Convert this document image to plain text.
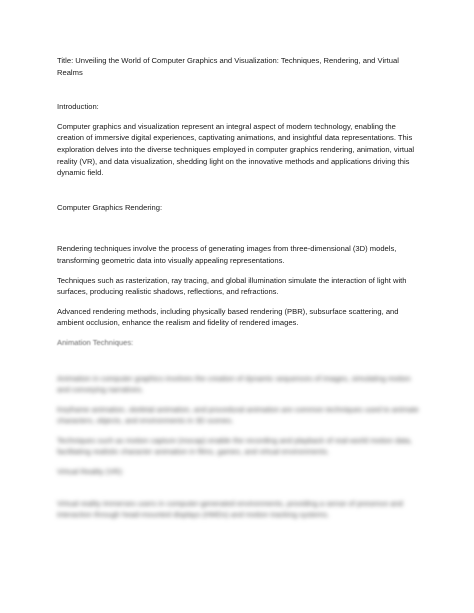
Title: Unveiling the World of Computer Graphics and Visualization: Techniques, Rendering, and Virtual Realms
Introduction:

Computer graphics and visualization represent an integral aspect of modern technology, enabling the creation of immersive digital experiences, captivating animations, and insightful data representations. This exploration delves into the diverse techniques employed in computer graphics rendering, animation, virtual reality (VR), and data visualization, shedding light on the innovative methods and applications driving this dynamic field.

Computer Graphics Rendering:

Rendering techniques involve the process of generating images from three-dimensional (3D) models, transforming geometric data into visually appealing representations.

Techniques such as rasterization, ray tracing, and global illumination simulate the interaction of light with surfaces, producing realistic shadows, reflections, and refractions.

Advanced rendering methods, including physically based rendering (PBR), subsurface scattering, and ambient occlusion, enhance the realism and fidelity of rendered images.

Animation Techniques:

Animation in computer graphics involves the creation of dynamic sequences of images, simulating motion and conveying narratives.

Keyframe animation, skeletal animation, and procedural animation are common techniques used to animate characters, objects, and environments in 3D scenes.

Techniques such as motion capture (mocap) enable the recording and playback of real-world motion data, facilitating realistic character animation in films, games, and virtual environments.

Virtual Reality (VR):

Virtual reality immerses users in computer-generated environments, providing a sense of presence and interaction through head-mounted displays (HMDs) and motion tracking systems.
